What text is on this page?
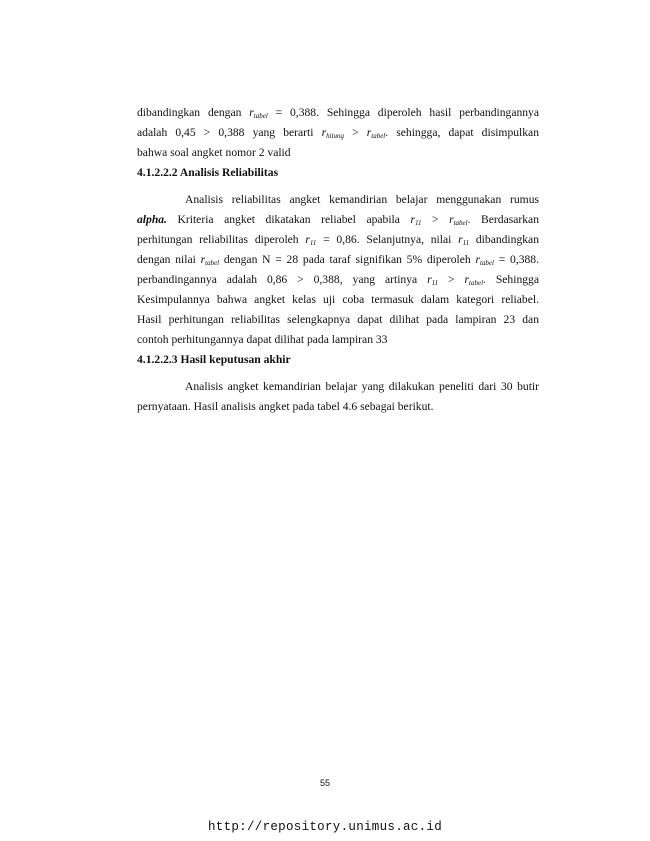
dibandingkan dengan $r_{tabel} = 0,388$. Sehingga diperoleh hasil perbandingannya
adalah 0,45 > 0,388 yang berarti $r_{hitung} > r_{tabel}$. sehingga, dapat disimpulkan
bahwa soal angket nomor 2 valid
4.1.2.2.2 Analisis Reliabilitas
Analisis reliabilitas angket kemandirian belajar menggunakan rumus
alpha. Kriteria angket dikatakan reliabel apabila $r_{11} > r_{tabel}$. Berdasarkan
perhitungan reliabilitas diperoleh $r_{11} = 0,86$. Selanjutnya, nilai $r_{11}$ dibandingkan
dengan nilai $r_{tabel}$ dengan N = 28 pada taraf signifikan 5% diperoleh $r_{tabel} = 0,388$.
perbandingannya adalah 0,86 > 0,388, yang artinya $r_{11} > r_{tabel}$. Sehingga
Kesimpulannya bahwa angket kelas uji coba termasuk dalam kategori reliabel.
Hasil perhitungan reliabilitas selengkapnya dapat dilihat pada lampiran 23 dan
contoh perhitungannya dapat dilihat pada lampiran 33
4.1.2.2.3 Hasil keputusan akhir
Analisis angket kemandirian belajar yang dilakukan peneliti dari 30 butir
pernyataan. Hasil analisis angket pada tabel 4.6 sebagai berikut.
55
http://repository.unimus.ac.id
